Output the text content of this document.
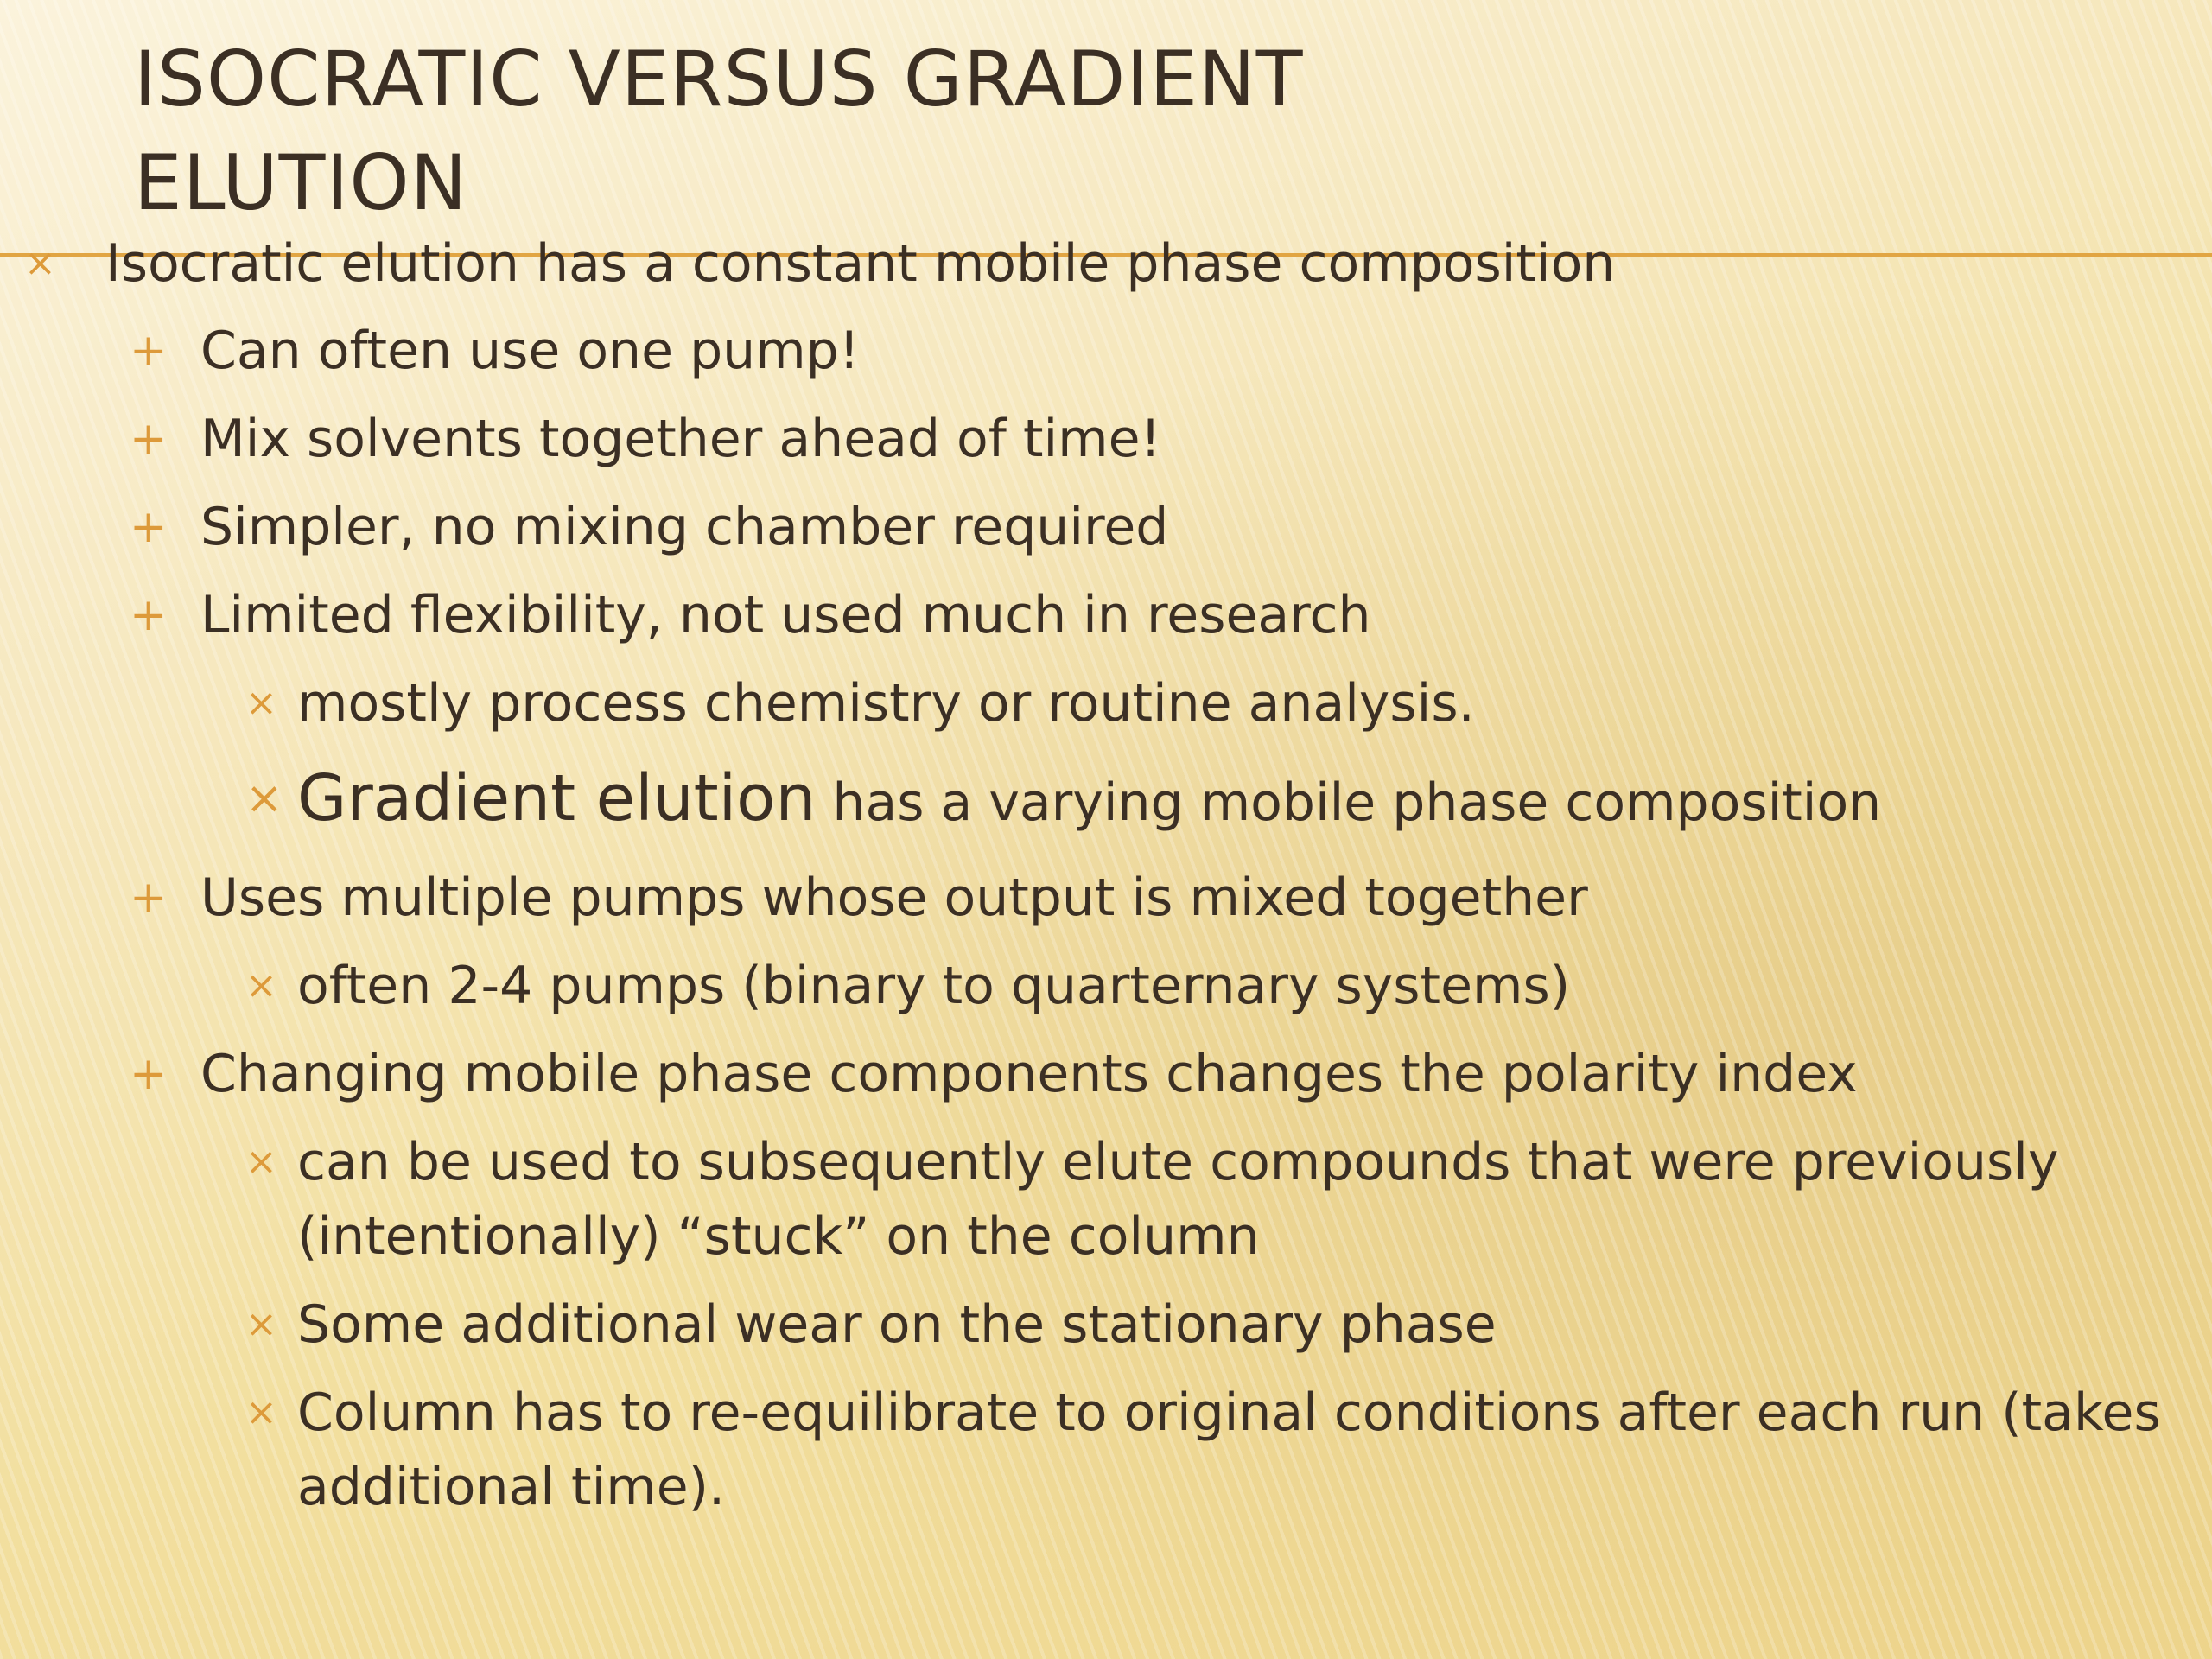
ISOCRATIC VERSUS GRADIENT
ELUTION
× Isocratic elution has a constant mobile phase composition
+ Can often use one pump!
+ Mix solvents together ahead of time!
+ Simpler, no mixing chamber required
+ Limited flexibility, not used much in research
× mostly process chemistry or routine analysis.
× Gradient elution has a varying mobile phase composition
+ Uses multiple pumps whose output is mixed together
× often 2-4 pumps (binary to quarternary systems)
+ Changing mobile phase components changes the polarity index
× can be used to subsequently elute compounds that were previously (intentionally) “stuck” on the column
× Some additional wear on the stationary phase
× Column has to re-equilibrate to original conditions after each run (takes additional time).
